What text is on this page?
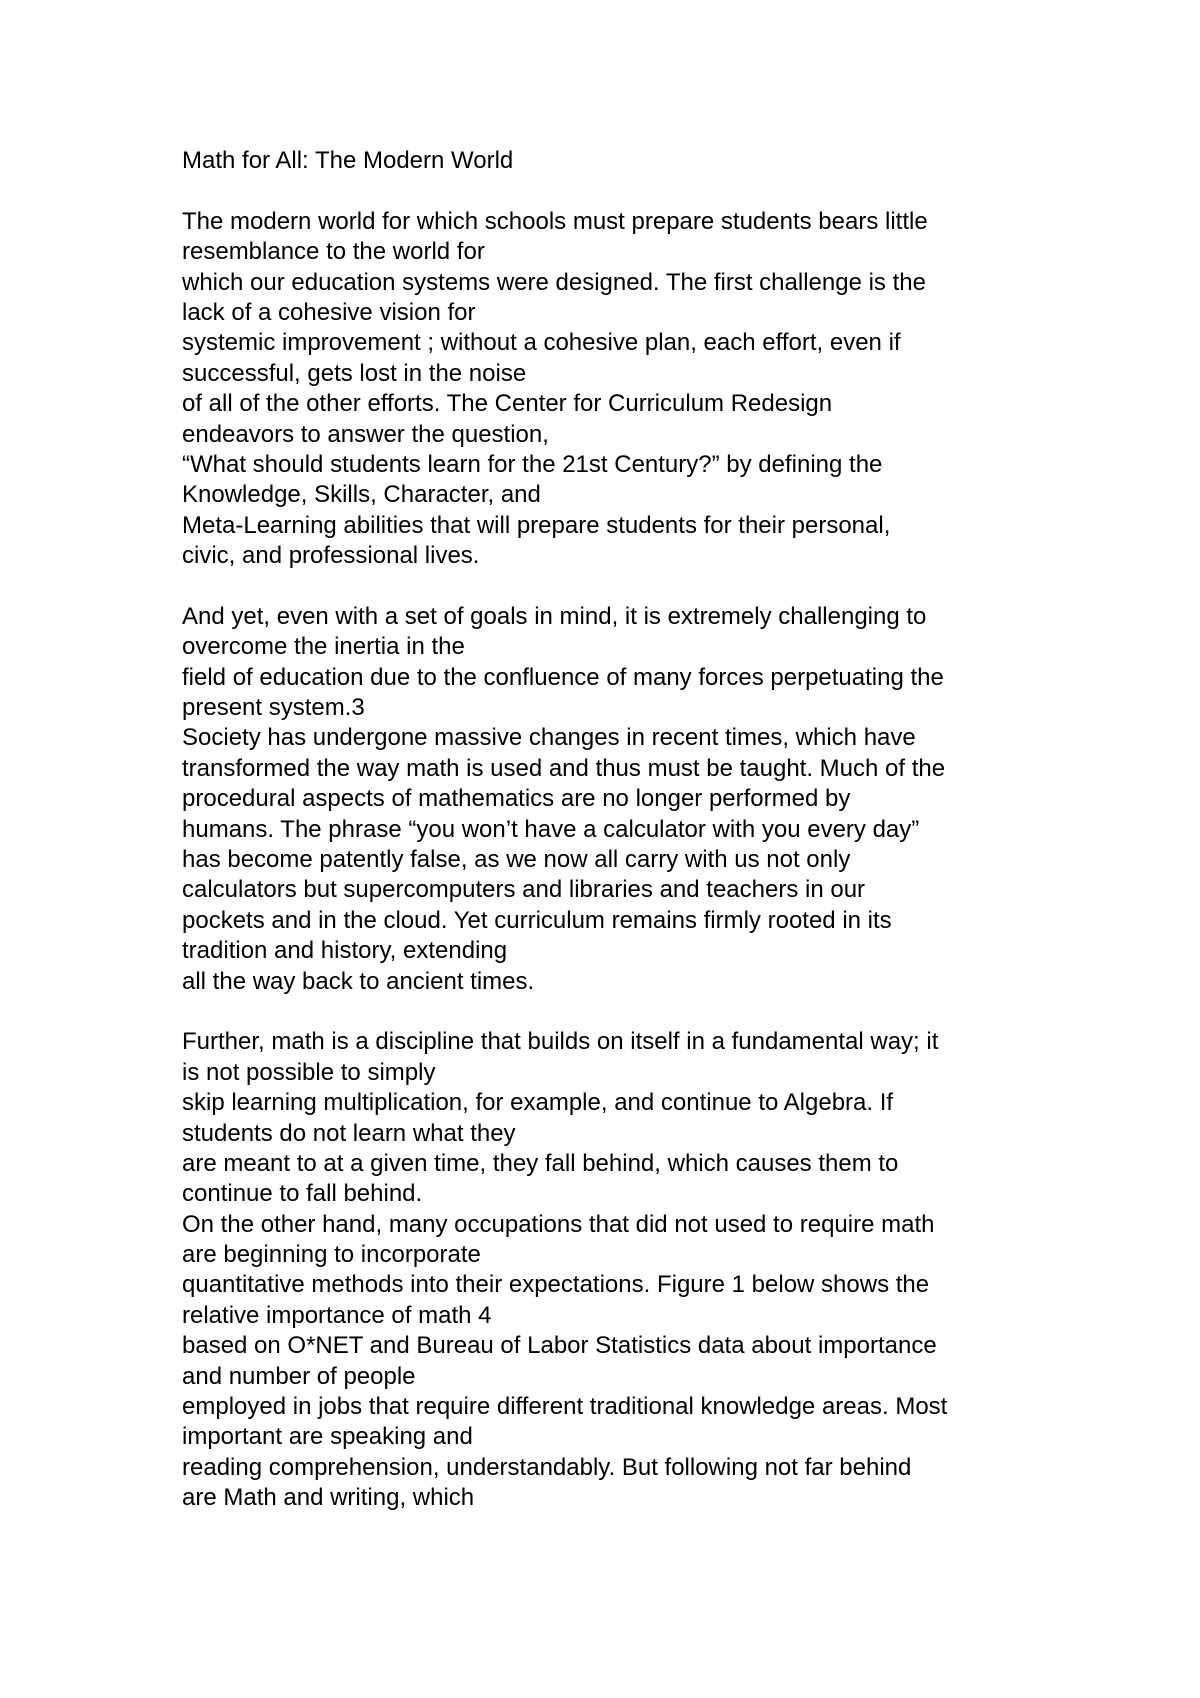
Math for All: The Modern World
The modern world for which schools must prepare students bears little
resemblance to the world for
which our education systems were designed. The first challenge is the
lack of a cohesive vision for
systemic improvement ; without a cohesive plan, each effort, even if
successful, gets lost in the noise
of all of the other efforts. The Center for Curriculum Redesign
endeavors to answer the question,
“What should students learn for the 21st Century?” by defining the
Knowledge, Skills, Character, and
Meta-Learning abilities that will prepare students for their personal,
civic, and professional lives.
And yet, even with a set of goals in mind, it is extremely challenging to
overcome the inertia in the
field of education due to the confluence of many forces perpetuating the
present system.3
Society has undergone massive changes in recent times, which have
transformed the way math is used and thus must be taught. Much of the
procedural aspects of mathematics are no longer performed by
humans. The phrase “you won’t have a calculator with you every day”
has become patently false, as we now all carry with us not only
calculators but supercomputers and libraries and teachers in our
pockets and in the cloud. Yet curriculum remains firmly rooted in its
tradition and history, extending
all the way back to ancient times.
Further, math is a discipline that builds on itself in a fundamental way; it
is not possible to simply
skip learning multiplication, for example, and continue to Algebra. If
students do not learn what they
are meant to at a given time, they fall behind, which causes them to
continue to fall behind.
On the other hand, many occupations that did not used to require math
are beginning to incorporate
quantitative methods into their expectations. Figure 1 below shows the
relative importance of math 4
based on O*NET and Bureau of Labor Statistics data about importance
and number of people
employed in jobs that require different traditional knowledge areas. Most
important are speaking and
reading comprehension, understandably. But following not far behind
are Math and writing, which
